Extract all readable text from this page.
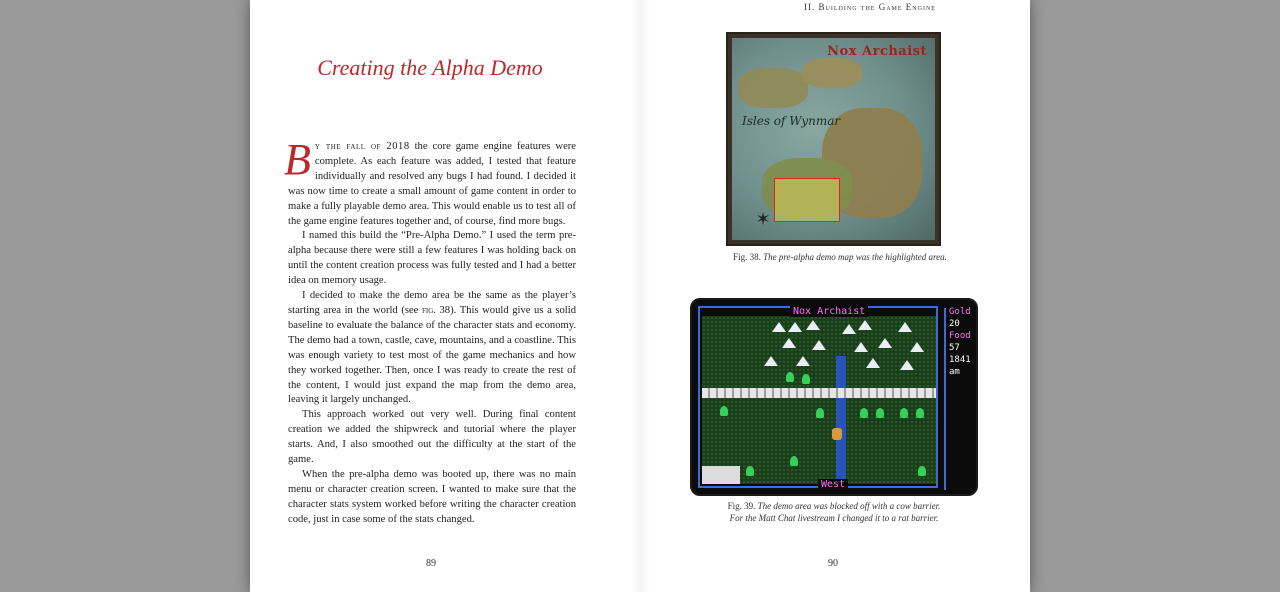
Creating the Alpha Demo

By the fall of 2018 the core game engine features were complete. As each feature was added, I tested that feature individually and resolved any bugs I had found. I decided it was now time to create a small amount of game content in order to make a fully playable demo area. This would enable us to test all of the game engine features together and, of course, find more bugs.

I named this build the “Pre-Alpha Demo.” I used the term pre-alpha because there were still a few features I was holding back on until the content creation process was fully tested and I had a better idea on memory usage.

I decided to make the demo area be the same as the player’s starting area in the world (see fig. 38). This would give us a solid baseline to evaluate the balance of the character stats and economy. The demo had a town, castle, cave, mountains, and a coastline. This was enough variety to test most of the game mechanics and how they worked together. Then, once I was ready to create the rest of the content, I would just expand the map from the demo area, leaving it largely unchanged.

This approach worked out very well. During final content creation we added the shipwreck and tutorial where the player starts. And, I also smoothed out the difficulty at the start of the game.

When the pre-alpha demo was booted up, there was no main menu or character creation screen. I wanted to make sure that the character stats system worked before writing the character creation code, just in case some of the stats changed.

89
II. Building the Game Engine
Nox Archaist
Isles of Wynmar
✶
Fig. 38. The pre-alpha demo map was the highlighted area.
Nox Archaist
West
Gold
20
Food
57
1841
am
Fig. 39. The demo area was blocked off with a cow barrier.
For the Matt Chat livestream I changed it to a rat barrier.
90
